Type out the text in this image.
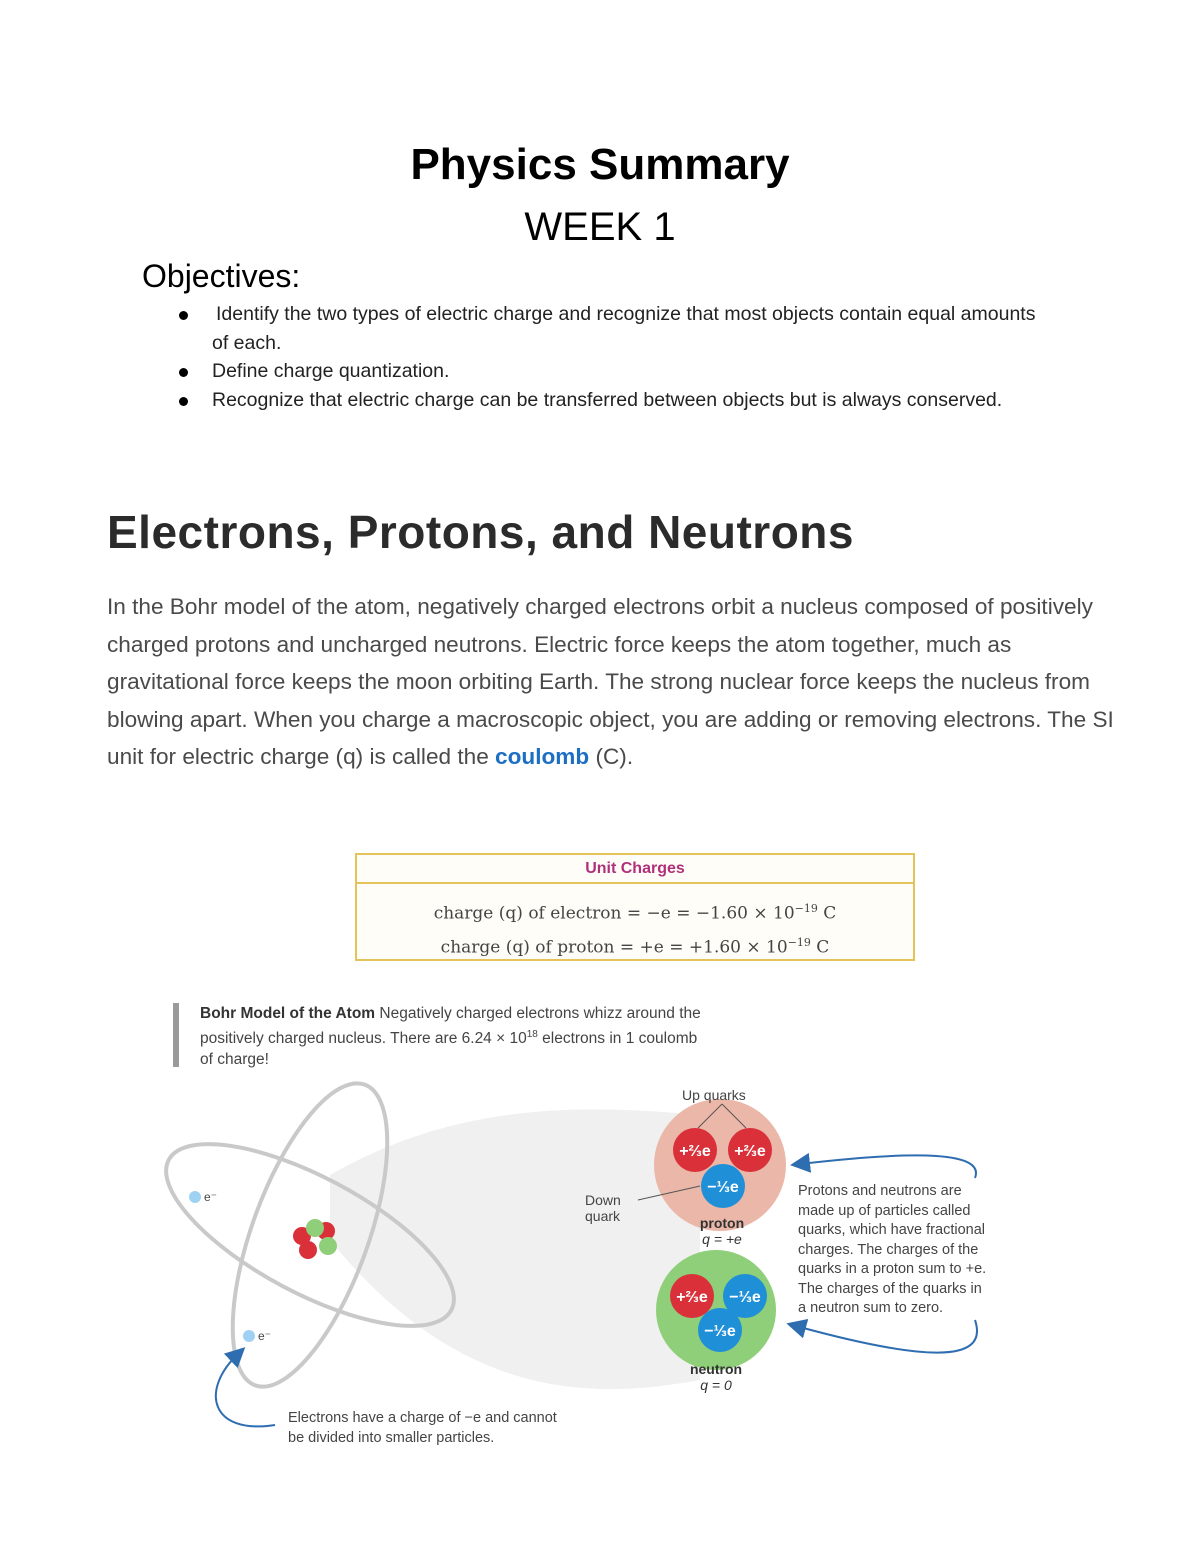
Physics Summary
WEEK 1
Objectives:
Identify the two types of electric charge and recognize that most objects contain equal amounts of each.
Define charge quantization.
Recognize that electric charge can be transferred between objects but is always conserved.
Electrons, Protons, and Neutrons

In the Bohr model of the atom, negatively charged electrons orbit a nucleus composed of positively charged protons and uncharged neutrons. Electric force keeps the atom together, much as gravitational force keeps the moon orbiting Earth. The strong nuclear force keeps the nucleus from blowing apart. When you charge a macroscopic object, you are adding or removing electrons. The SI unit for electric charge (q) is called the coulomb (C).

Unit Charges
charge (q) of electron = $-e = -1.60 \times 10^{-19}$ C
charge (q) of proton = $+e = +1.60 \times 10^{-19}$ C

Bohr Model of the Atom Negatively charged electrons whizz around the positively charged nucleus. There are $6.24 \times 10^{18}$ electrons in 1 coulomb of charge!

e⁻
e⁻
+⅔e +⅔e
−⅓e
proton
q = +e
Up quarks
Down
quark
+⅔e −⅓e
−⅓e
neutron
q = 0
Protons and neutrons are
made up of particles called
quarks, which have fractional
charges. The charges of the
quarks in a proton sum to +e.
The charges of the quarks in
a neutron sum to zero.
Electrons have a charge of −e and cannot
be divided into smaller particles.
